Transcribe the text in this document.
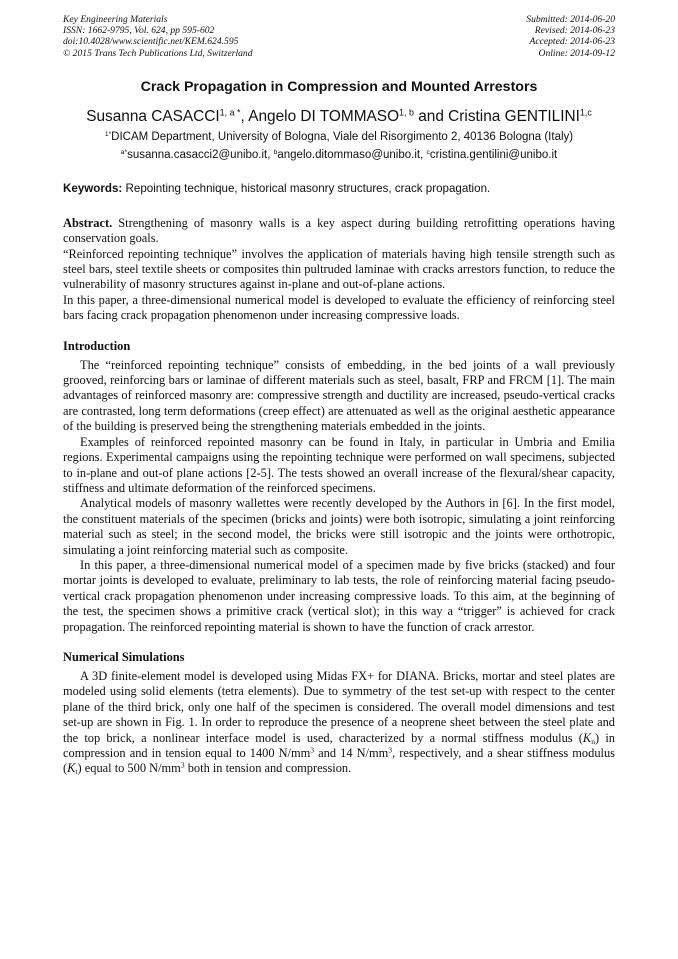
Key Engineering Materials
ISSN: 1662-9795, Vol. 624, pp 595-602
doi:10.4028/www.scientific.net/KEM.624.595
© 2015 Trans Tech Publications Ltd, Switzerland
Submitted: 2014-06-20
Revised: 2014-06-23
Accepted: 2014-06-23
Online: 2014-09-12
Crack Propagation in Compression and Mounted Arrestors
Susanna $CASACCI^{1, a *}$, Angelo DI TOMMASO$^{1, b}$ and Cristina GENTILINI$^{1,c}$
$^{1*}$DICAM Department, University of Bologna, Viale del Risorgimento 2, 40136 Bologna (Italy)
$^{a*}$susanna.casacci2@unibo.it, $^b$angelo.ditommaso@unibo.it, $^c$cristina.gentilini@unibo.it
Keywords: Repointing technique, historical masonry structures, crack propagation.

Abstract. Strengthening of masonry walls is a key aspect during building retrofitting operations having conservation goals.

“Reinforced repointing technique” involves the application of materials having high tensile strength such as steel bars, steel textile sheets or composites thin pultruded laminae with cracks arrestors function, to reduce the vulnerability of masonry structures against in-plane and out-of-plane actions.

In this paper, a three-dimensional numerical model is developed to evaluate the efficiency of reinforcing steel bars facing crack propagation phenomenon under increasing compressive loads.

Introduction

The “reinforced repointing technique” consists of embedding, in the bed joints of a wall previously grooved, reinforcing bars or laminae of different materials such as steel, basalt, FRP and FRCM [1]. The main advantages of reinforced masonry are: compressive strength and ductility are increased, pseudo-vertical cracks are contrasted, long term deformations (creep effect) are attenuated as well as the original aesthetic appearance of the building is preserved being the strengthening materials embedded in the joints.

Examples of reinforced repointed masonry can be found in Italy, in particular in Umbria and Emilia regions. Experimental campaigns using the repointing technique were performed on wall specimens, subjected to in-plane and out-of plane actions [2-5]. The tests showed an overall increase of the flexural/shear capacity, stiffness and ultimate deformation of the reinforced specimens.

Analytical models of masonry wallettes were recently developed by the Authors in [6]. In the first model, the constituent materials of the specimen (bricks and joints) were both isotropic, simulating a joint reinforcing material such as steel; in the second model, the bricks were still isotropic and the joints were orthotropic, simulating a joint reinforcing material such as composite.

In this paper, a three-dimensional numerical model of a specimen made by five bricks (stacked) and four mortar joints is developed to evaluate, preliminary to lab tests, the role of reinforcing material facing pseudo-vertical crack propagation phenomenon under increasing compressive loads. To this aim, at the beginning of the test, the specimen shows a primitive crack (vertical slot); in this way a “trigger” is achieved for crack propagation. The reinforced repointing material is shown to have the function of crack arrestor.

Numerical Simulations

A 3D finite-element model is developed using Midas FX+ for DIANA. Bricks, mortar and steel plates are modeled using solid elements (tetra elements). Due to symmetry of the test set-up with respect to the center plane of the third brick, only one half of the specimen is considered. The overall model dimensions and test set-up are shown in Fig. 1. In order to reproduce the presence of a neoprene sheet between the steel plate and the top brick, a nonlinear interface model is used, characterized by a normal stiffness modulus $(K_n)$ in compression and in tension equal to 1400 $N/mm^3$ and 14 $N/mm^3$, respectively, and a shear stiffness modulus $(K_t)$ equal to 500 $N/mm^3$ both in tension and compression.
